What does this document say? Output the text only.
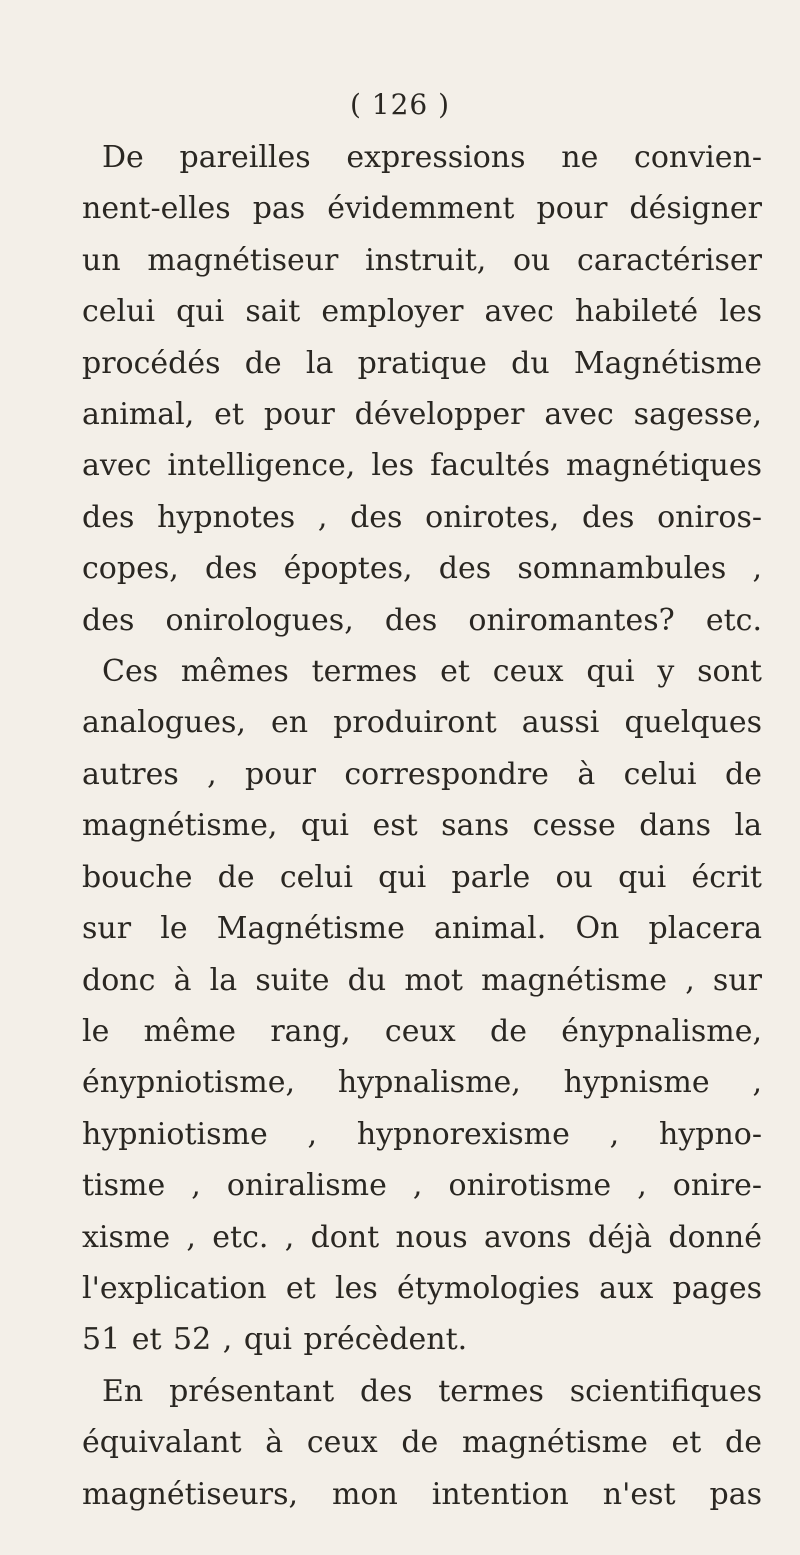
( 126 )
De pareilles expressions ne convien-
nent-elles pas évidemment pour désigner
un magnétiseur instruit, ou caractériser
celui qui sait employer avec habileté les
procédés de la pratique du Magnétisme
animal, et pour développer avec sagesse,
avec intelligence, les facultés magnétiques
des hypnotes , des onirotes, des oniros-
copes, des époptes, des somnambules ,
des onirologues, des oniromantes? etc.
Ces mêmes termes et ceux qui y sont
analogues, en produiront aussi quelques
autres , pour correspondre à celui de
magnétisme, qui est sans cesse dans la
bouche de celui qui parle ou qui écrit
sur le Magnétisme animal. On placera
donc à la suite du mot magnétisme , sur
le même rang, ceux de énypnalisme,
énypniotisme, hypnalisme, hypnisme ,
hypniotisme , hypnorexisme , hypno-
tisme , oniralisme , onirotisme , onire-
xisme , etc. , dont nous avons déjà donné
l'explication et les étymologies aux pages
51 et 52 , qui précèdent.
En présentant des termes scientifiques
équivalant à ceux de magnétisme et de
magnétiseurs, mon intention n'est pas
